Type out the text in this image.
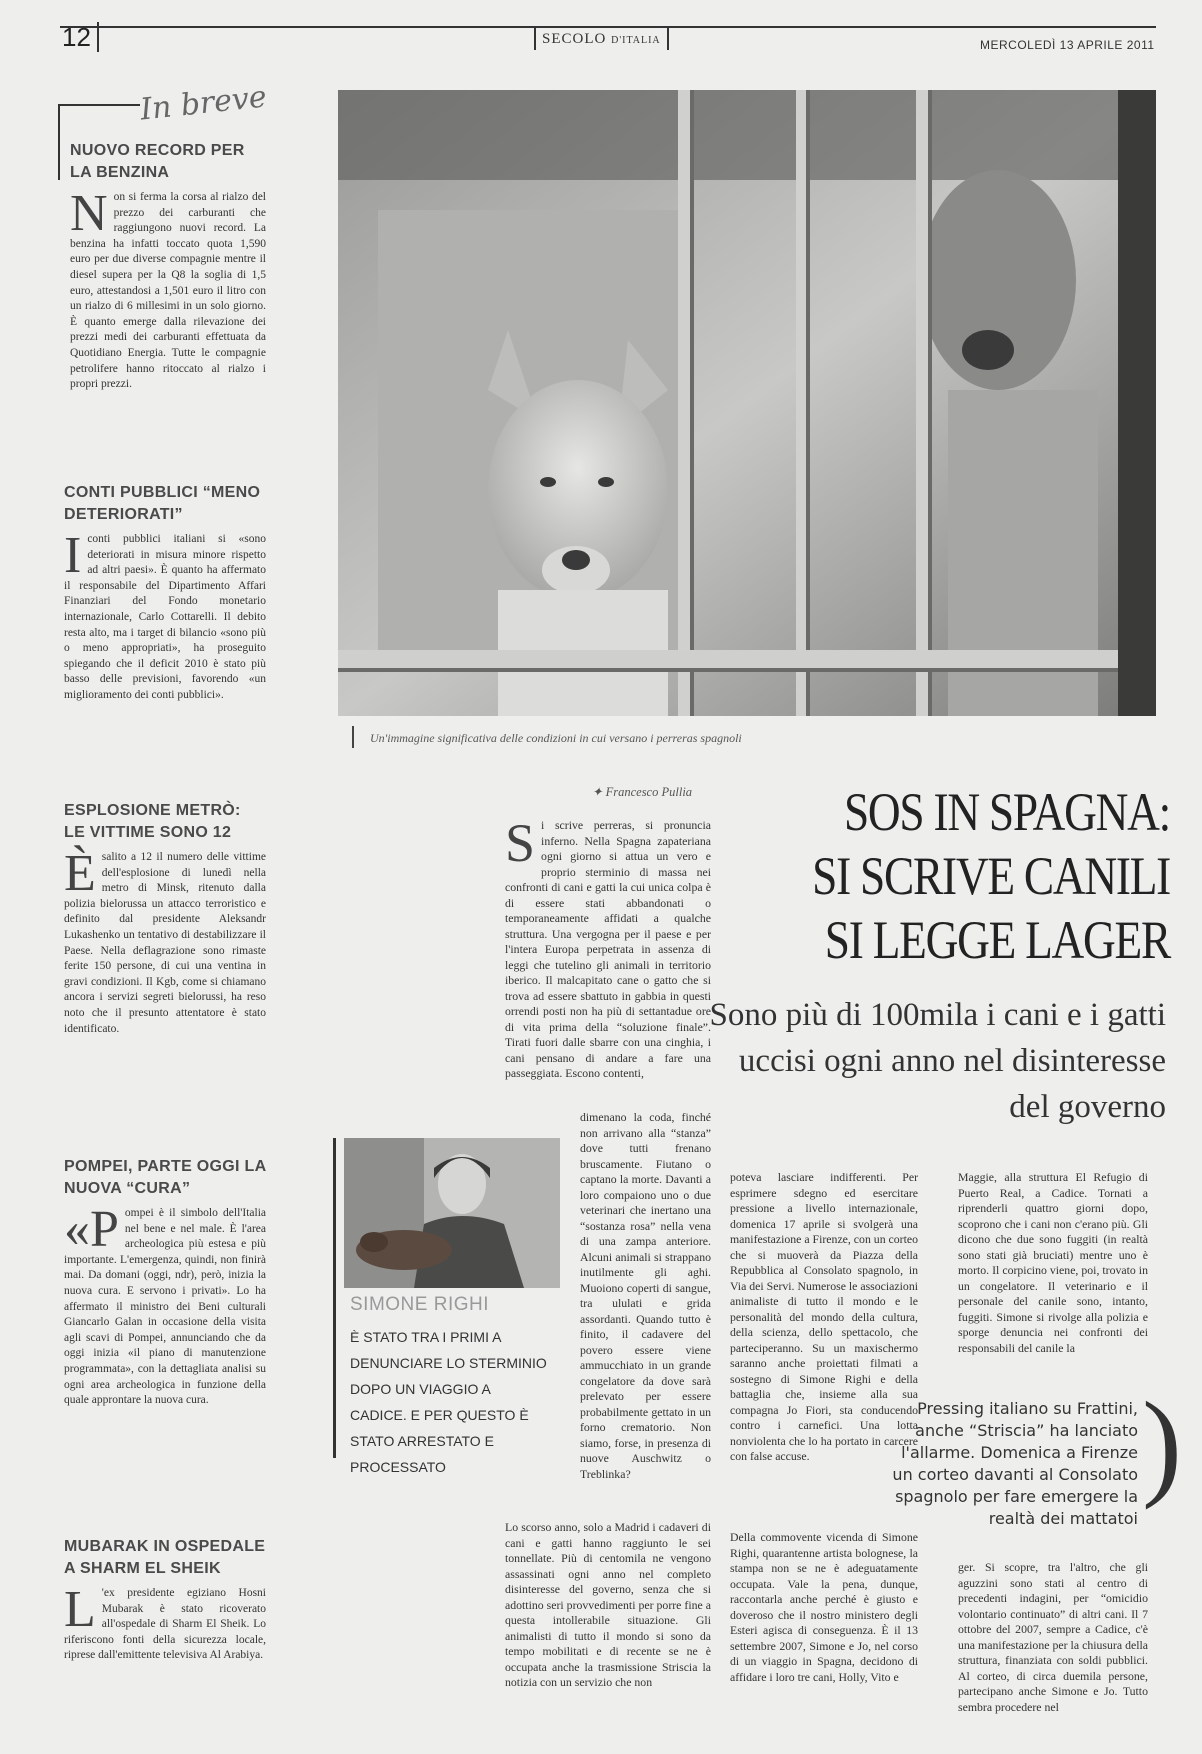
12	SECOLO D'ITALIA	MERCOLEDÌ 13 APRILE 2011
In breve
NUOVO RECORD PER LA BENZINA

Non si ferma la corsa al rialzo del prezzo dei carburanti che raggiungono nuovi record. La benzina ha infatti toccato quota 1,590 euro per due diverse compagnie mentre il diesel supera per la Q8 la soglia di 1,5 euro, attestandosi a 1,501 euro il litro con un rialzo di 6 millesimi in un solo giorno. È quanto emerge dalla rilevazione dei prezzi medi dei carburanti effettuata da Quotidiano Energia. Tutte le compagnie petrolifere hanno ritoccato al rialzo i propri prezzi.

CONTI PUBBLICI “MENO DETERIORATI”

Iconti pubblici italiani si «sono deteriorati in misura minore rispetto ad altri paesi». È quanto ha affermato il responsabile del Dipartimento Affari Finanziari del Fondo monetario internazionale, Carlo Cottarelli. Il debito resta alto, ma i target di bilancio «sono più o meno appropriati», ha proseguito spiegando che il deficit 2010 è stato più basso delle previsioni, favorendo «un miglioramento dei conti pubblici».

ESPLOSIONE METRÒ: LE VITTIME SONO 12

Èsalito a 12 il numero delle vittime dell'esplosione di lunedì nella metro di Minsk, ritenuto dalla polizia bielorussa un attacco terroristico e definito dal presidente Aleksandr Lukashenko un tentativo di destabilizzare il Paese. Nella deflagrazione sono rimaste ferite 150 persone, di cui una ventina in gravi condizioni. Il Kgb, come si chiamano ancora i servizi segreti bielorussi, ha reso noto che il presunto attentatore è stato identificato.

POMPEI, PARTE OGGI LA NUOVA “CURA”

«Pompei è il simbolo dell'Italia nel bene e nel male. È l'area archeologica più estesa e più importante. L'emergenza, quindi, non finirà mai. Da domani (oggi, ndr), però, inizia la nuova cura. E servono i privati». Lo ha affermato il ministro dei Beni culturali Giancarlo Galan in occasione della visita agli scavi di Pompei, annunciando che da oggi inizia «il piano di manutenzione programmata», con la dettagliata analisi su ogni area archeologica in funzione della quale approntare la nuova cura.

MUBARAK IN OSPEDALE A SHARM EL SHEIK

L 'ex presidente egiziano Hosni Mubarak è stato ricoverato all'ospedale di Sharm El Sheik. Lo riferiscono fonti della sicurezza locale, riprese dall'emittente televisiva Al Arabiya.

Un'immagine significativa delle condizioni in cui versano i perreras spagnoli
SOS IN SPAGNA:
SI SCRIVE CANILI
SI LEGGE LAGER
Sono più di 100mila i cani e i gatti uccisi ogni anno nel disinteresse del governo
✦ Francesco Pullia

Si scrive perreras, si pronuncia inferno. Nella Spagna zapateriana ogni giorno si attua un vero e proprio sterminio di massa nei confronti di cani e gatti la cui unica colpa è di essere stati abbandonati o temporaneamente affidati a qualche struttura. Una vergogna per il paese e per l'intera Europa perpetrata in assenza di leggi che tutelino gli animali in territorio iberico. Il malcapitato cane o gatto che si trova ad essere sbattuto in gabbia in questi orrendi posti non ha più di settantadue ore di vita prima della “soluzione finale”. Tirati fuori dalle sbarre con una cinghia, i cani pensano di andare a fare una passeggiata. Escono contenti,

dimenano la coda, finché non arrivano alla “stanza” dove tutti frenano bruscamente. Fiutano o captano la morte. Davanti a loro compaiono uno o due veterinari che inertano una “sostanza rosa” nella vena di una zampa anteriore. Alcuni animali si strappano inutilmente gli aghi. Muoiono coperti di sangue, tra ululati e grida assordanti. Quando tutto è finito, il cadavere del povero essere viene ammucchiato in un grande congelatore da dove sarà prelevato per essere probabilmente gettato in un forno crematorio. Non siamo, forse, in presenza di nuove Auschwitz o Treblinka?

Lo scorso anno, solo a Madrid i cadaveri di cani e gatti hanno raggiunto le sei tonnellate. Più di centomila ne vengono assassinati ogni anno nel completo disinteresse del governo, senza che si adottino seri provvedimenti per porre fine a questa intollerabile situazione. Gli animalisti di tutto il mondo si sono da tempo mobilitati e di recente se ne è occupata anche la trasmissione Striscia la notizia con un servizio che non

poteva lasciare indifferenti. Per esprimere sdegno ed esercitare pressione a livello internazionale, domenica 17 aprile si svolgerà una manifestazione a Firenze, con un corteo che si muoverà da Piazza della Repubblica al Consolato spagnolo, in Via dei Servi. Numerose le associazioni animaliste di tutto il mondo e le personalità del mondo della cultura, della scienza, dello spettacolo, che parteciperanno. Su un maxischermo saranno anche proiettati filmati a sostegno di Simone Righi e della battaglia che, insieme alla sua compagna Jo Fiori, sta conducendo contro i carnefici. Una lotta nonviolenta che lo ha portato in carcere con false accuse.

Della commovente vicenda di Simone Righi, quarantenne artista bolognese, la stampa non se ne è adeguatamente occupata. Vale la pena, dunque, raccontarla anche perché è giusto e doveroso che il nostro ministero degli Esteri agisca di conseguenza. È il 13 settembre 2007, Simone e Jo, nel corso di un viaggio in Spagna, decidono di affidare i loro tre cani, Holly, Vito e

Maggie, alla struttura El Refugio di Puerto Real, a Cadice. Tornati a riprenderli quattro giorni dopo, scoprono che i cani non c'erano più. Gli dicono che due sono fuggiti (in realtà sono stati già bruciati) mentre uno è morto. Il corpicino viene, poi, trovato in un congelatore. Il veterinario e il personale del canile sono, intanto, fuggiti. Simone si rivolge alla polizia e sporge denuncia nei confronti dei responsabili del canile la

ger. Si scopre, tra l'altro, che gli aguzzini sono stati al centro di precedenti indagini, per “omicidio volontario continuato” di altri cani. Il 7 ottobre del 2007, sempre a Cadice, c'è una manifestazione per la chiusura della struttura, finanziata con soldi pubblici. Al corteo, di circa duemila persone, partecipano anche Simone e Jo. Tutto sembra procedere nel

SIMONE RIGHI
È STATO TRA I PRIMI A DENUNCIARE LO STERMINIO DOPO UN VIAGGIO A CADICE. E PER QUESTO È STATO ARRESTATO E PROCESSATO
Pressing italiano su Frattini, anche “Striscia” ha lanciato l'allarme. Domenica a Firenze un corteo davanti al Consolato spagnolo per fare emergere la realtà dei mattatoi
)
